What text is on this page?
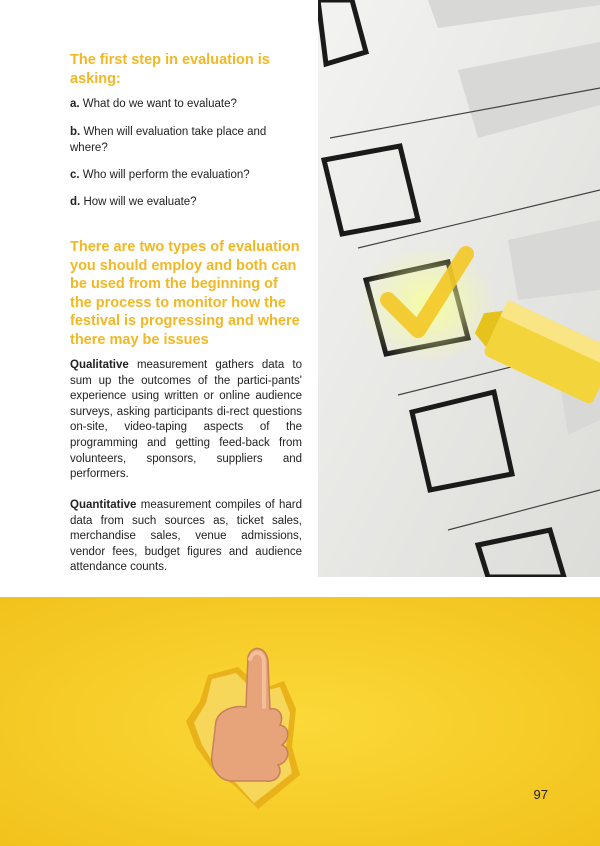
The first step in evaluation is asking:

a. What do we want to evaluate?

b. When will evaluation take place and where?

c. Who will perform the evaluation?

d. How will we evaluate?

There are two types of evaluation you should employ and both can be used from the beginning of the process to monitor how the festival is progressing and where there may be issues

Qualitative measurement gathers data to sum up the outcomes of the partici-pants' experience using written or online audience surveys, asking participants di-rect questions on-site, video-taping aspects of the programming and getting feed-back from volunteers, sponsors, suppliers and performers.

Quantitative measurement compiles of hard data from such sources as, ticket sales, merchandise sales, venue admissions, vendor fees, budget figures and audience attendance counts.

97
